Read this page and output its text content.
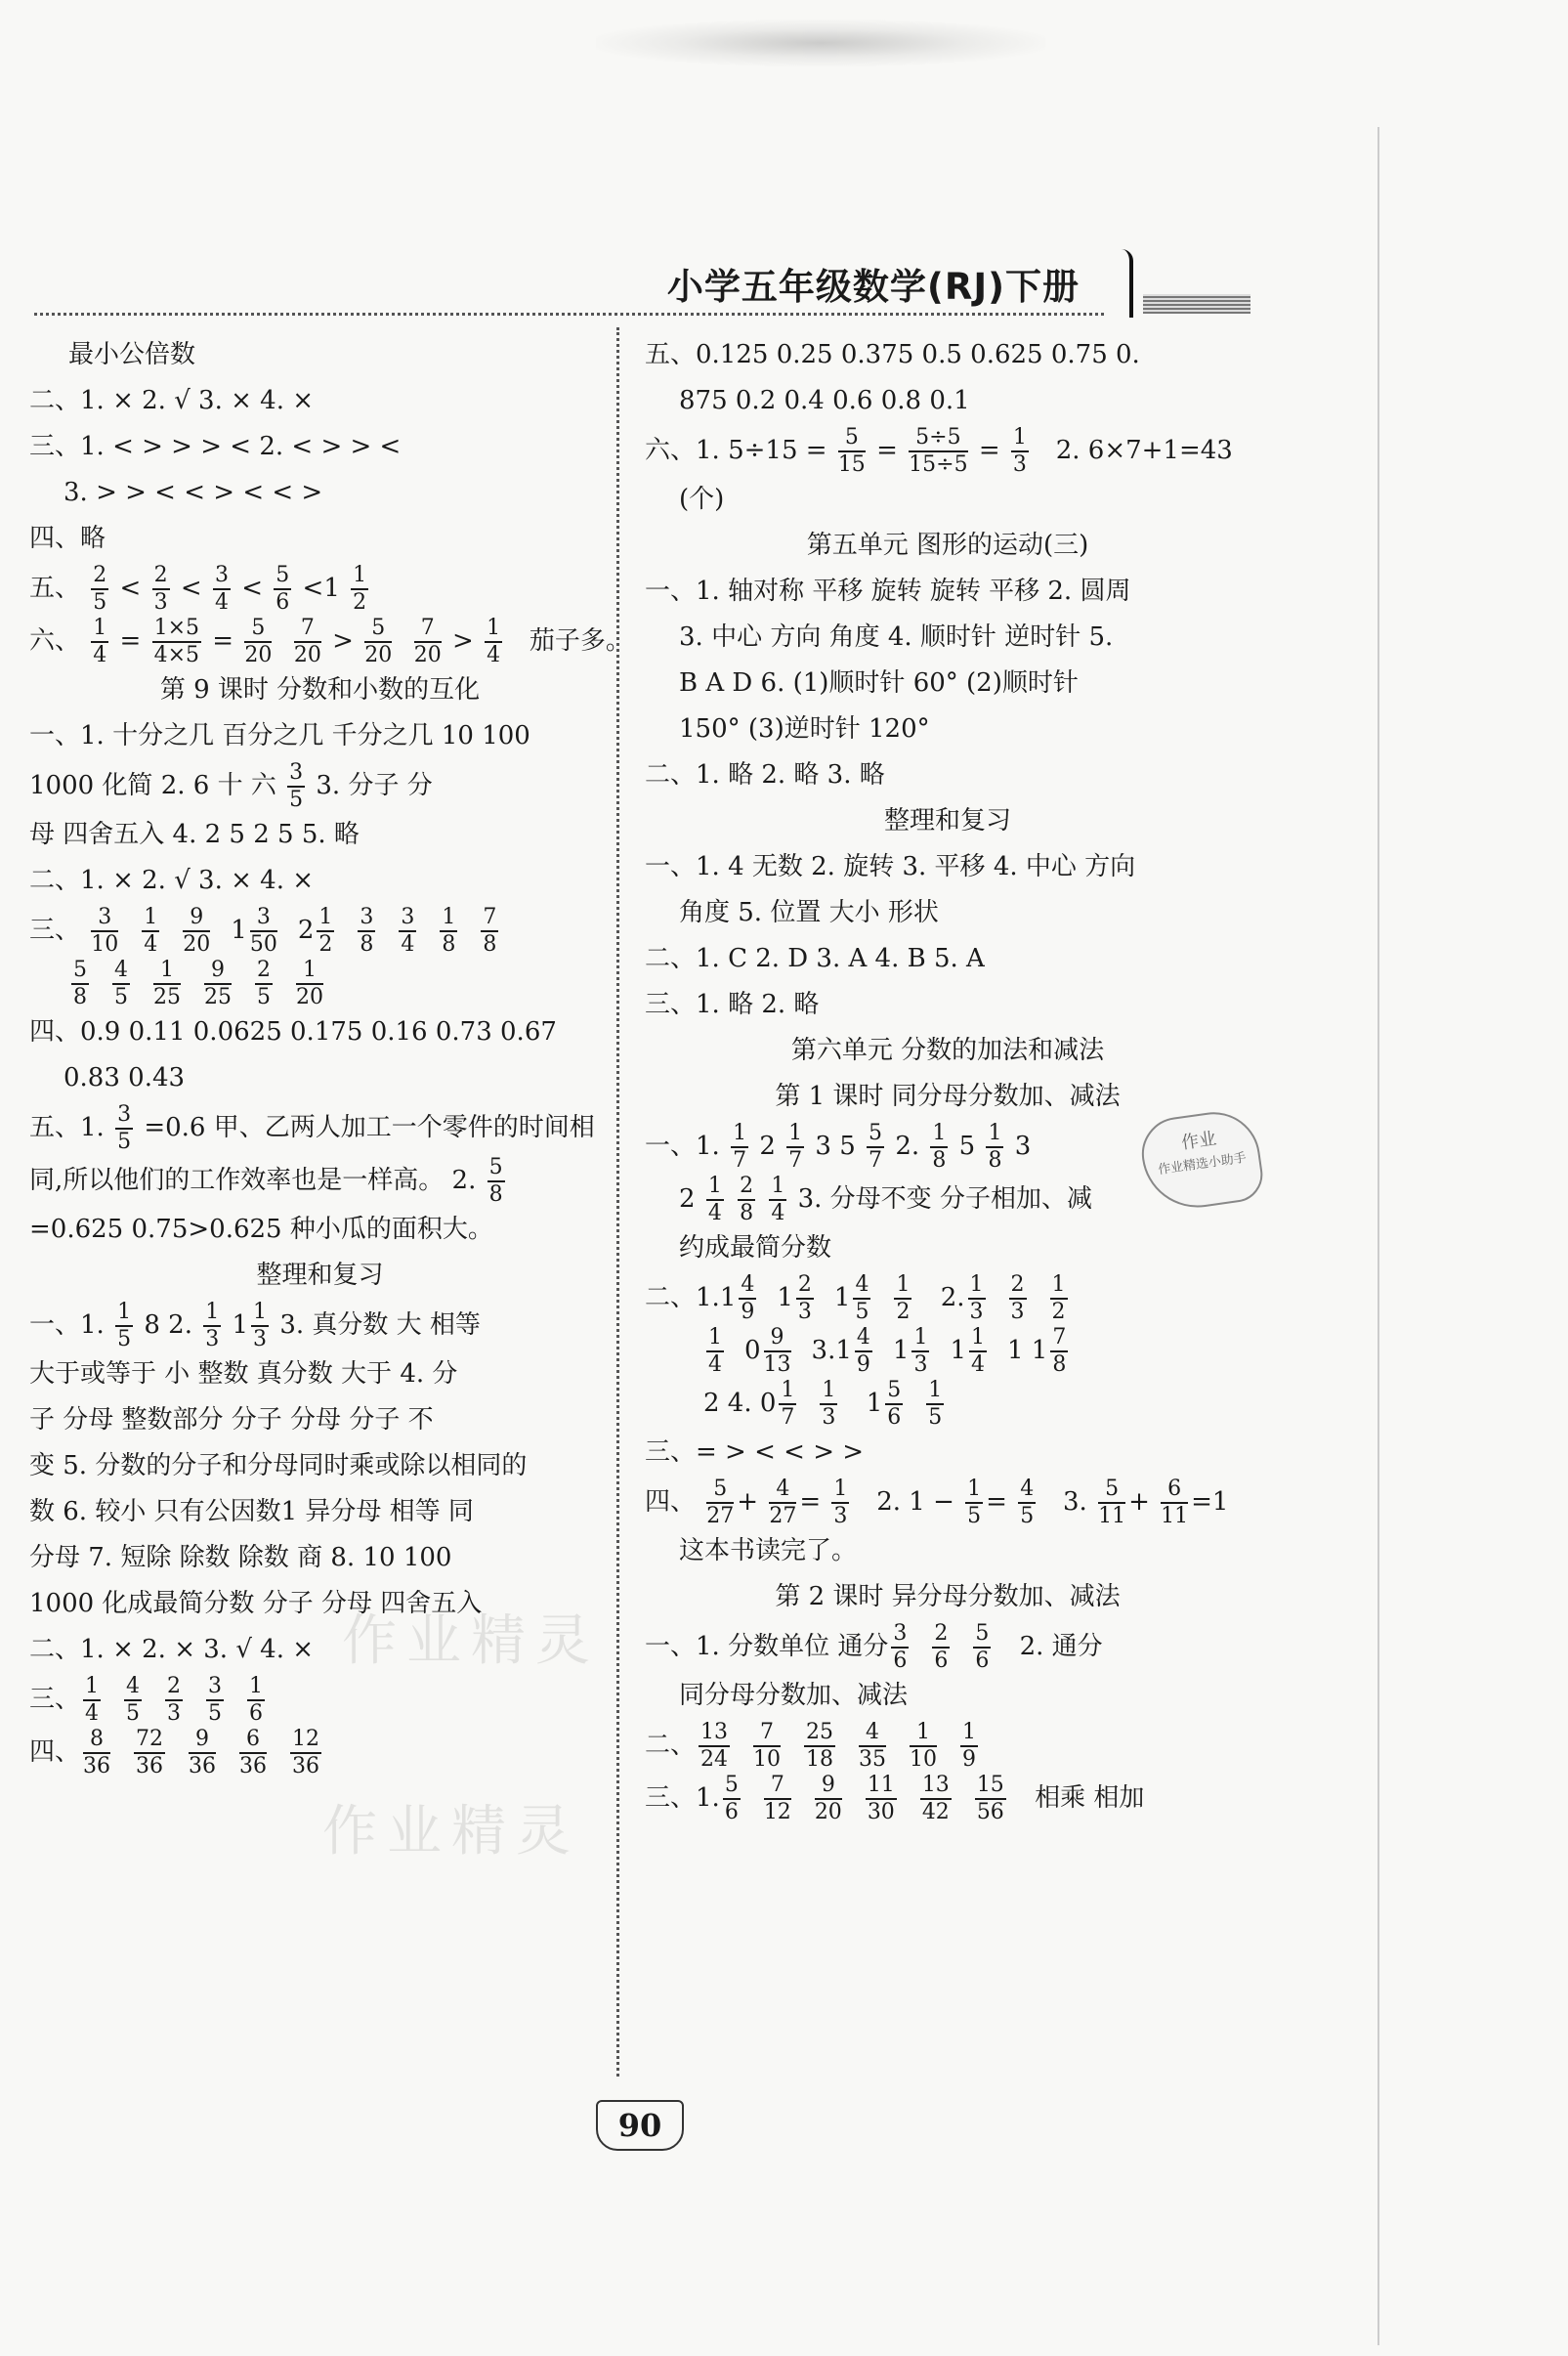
小学五年级数学(RJ)下册
作业精灵
作业精灵
最小公倍数
二、1. × 2. √ 3. × 4. ×
三、1. < > > > < 2. < > > <
3. > > < < > < < >
四、略
五、 $\frac{2}{5} < \frac{2}{3} < \frac{3}{4} < \frac{5}{6} <1 \frac{1}{2}$
六、 $\frac{1}{4} = \frac{1\times 5}{4\times 5} = \frac{5}{20}$
$\frac{7}{20} > \frac{5}{20}$
$\frac{7}{20} > \frac{1}{4}$ 茄子多。
第 9 课时 分数和小数的互化
一、1. 十分之几 百分之几 千分之几 10 100
1000 化简 2. 6 十 六 $\frac{3}{5} 3$. 分子 分
母 四舍五入 4. 2 5 2 5 5. 略
二、1. × 2. √ 3. × 4. ×
三、 $\frac{3}{10} \frac{1}{4} \frac{9}{20} 1 \frac{3}{50} 2 \frac{1}{2} \frac{3}{8} \frac{3}{4} \frac{1}{8} \frac{7}{8}$
$\frac{5}{8} \frac{4}{5} \frac{1}{25} \frac{9}{25} \frac{2}{5} \frac{1}{20}$
四、0.9 0.11 0.0625 0.175 0.16 0.73 0.67
0.83 0.43
五、1. $\frac{3}{5} =0.6$ 甲、乙两人加工一个零件的时间相
同,所以他们的工作效率也是一样高。 2. $\frac{5}{8}$
=0.625 0.75>0.625 种小瓜的面积大。
整理和复习
一、1. $\frac{1}{5} 8$ 2. $\frac{1}{3} 1 \frac{1}{3} 3$. 真分数 大 相等
大于或等于 小 整数 真分数 大于 4. 分
子 分母 整数部分 分子 分母 分子 不
变 5. 分数的分子和分母同时乘或除以相同的
数 6. 较小 只有公因数1 异分母 相等 同
分母 7. 短除 除数 除数 商 8. 10 100
1000 化成最简分数 分子 分母 四舍五入
二、1. × 2. × 3. √ 4. ×
三、 $\frac{1}{4} \frac{4}{5} \frac{2}{3} \frac{3}{5} \frac{1}{6}$
四、 $\frac{8}{36} \frac{72}{36} \frac{9}{36} \frac{6}{36} \frac{12}{36}$
五、0.125 0.25 0.375 0.5 0.625 0.75 0.
875 0.2 0.4 0.6 0.8 0.1
六、1. $5\div 15 = \frac{5}{15} = \frac{5\div 5}{15\div 5} = \frac{1}{3} 2$. 6×7+1=43
(个)
第五单元 图形的运动(三)
一、1. 轴对称 平移 旋转 旋转 平移 2. 圆周
3. 中心 方向 角度 4. 顺时针 逆时针 5.
B A D 6. (1)顺时针 60° (2)顺时针
150° (3)逆时针 120°
二、1. 略 2. 略 3. 略
整理和复习
一、1. 4 无数 2. 旋转 3. 平移 4. 中心 方向
角度 5. 位置 大小 形状
二、1. C 2. D 3. A 4. B 5. A
三、1. 略 2. 略
第六单元 分数的加法和减法
第 1 课时 同分母分数加、减法
一、1. $\frac{1}{7} 2 \frac{1}{7} 3$ $5 \frac{5}{7} 2$. $\frac{1}{8} 5 \frac{1}{8} 3$
$2 \frac{1}{4}$
$\frac{2}{8}$
$\frac{1}{4} 3$. 分母不变 分子相加、减
约成最简分数
二、$1.1 \frac{4}{9} 1 \frac{2}{3} 1 \frac{4}{5} \frac{1}{2} 2$. $\frac{1}{3} \frac{2}{3} \frac{1}{2}$
$\frac{1}{4} 0 \frac{9}{13} 3.1 \frac{4}{9} 1 \frac{1}{3} 1 \frac{1}{4} 1$ $1 \frac{7}{8}$
2 4. $0 \frac{1}{7} \frac{1}{3} 1 \frac{5}{6} \frac{1}{5}$
三、= > < < > >
四、 $\frac{5}{27} + \frac{4}{27} = \frac{1}{3} 2$. $1 - \frac{1}{5} = \frac{4}{5} 3$. $\frac{5}{11} + \frac{6}{11} =1$
这本书读完了。
第 2 课时 异分母分数加、减法
一、1. 分数单位 通分 $\frac{3}{6} \frac{2}{6} \frac{5}{6} 2$. 通分
同分母分数加、减法
二、 $\frac{13}{24} \frac{7}{10} \frac{25}{18} \frac{4}{35} \frac{1}{10} \frac{1}{9}$
三、1. $\frac{5}{6} \frac{7}{12} \frac{9}{20} \frac{11}{30} \frac{13}{42} \frac{15}{56}$ 相乘 相加
作业
作业精选小助手
90
